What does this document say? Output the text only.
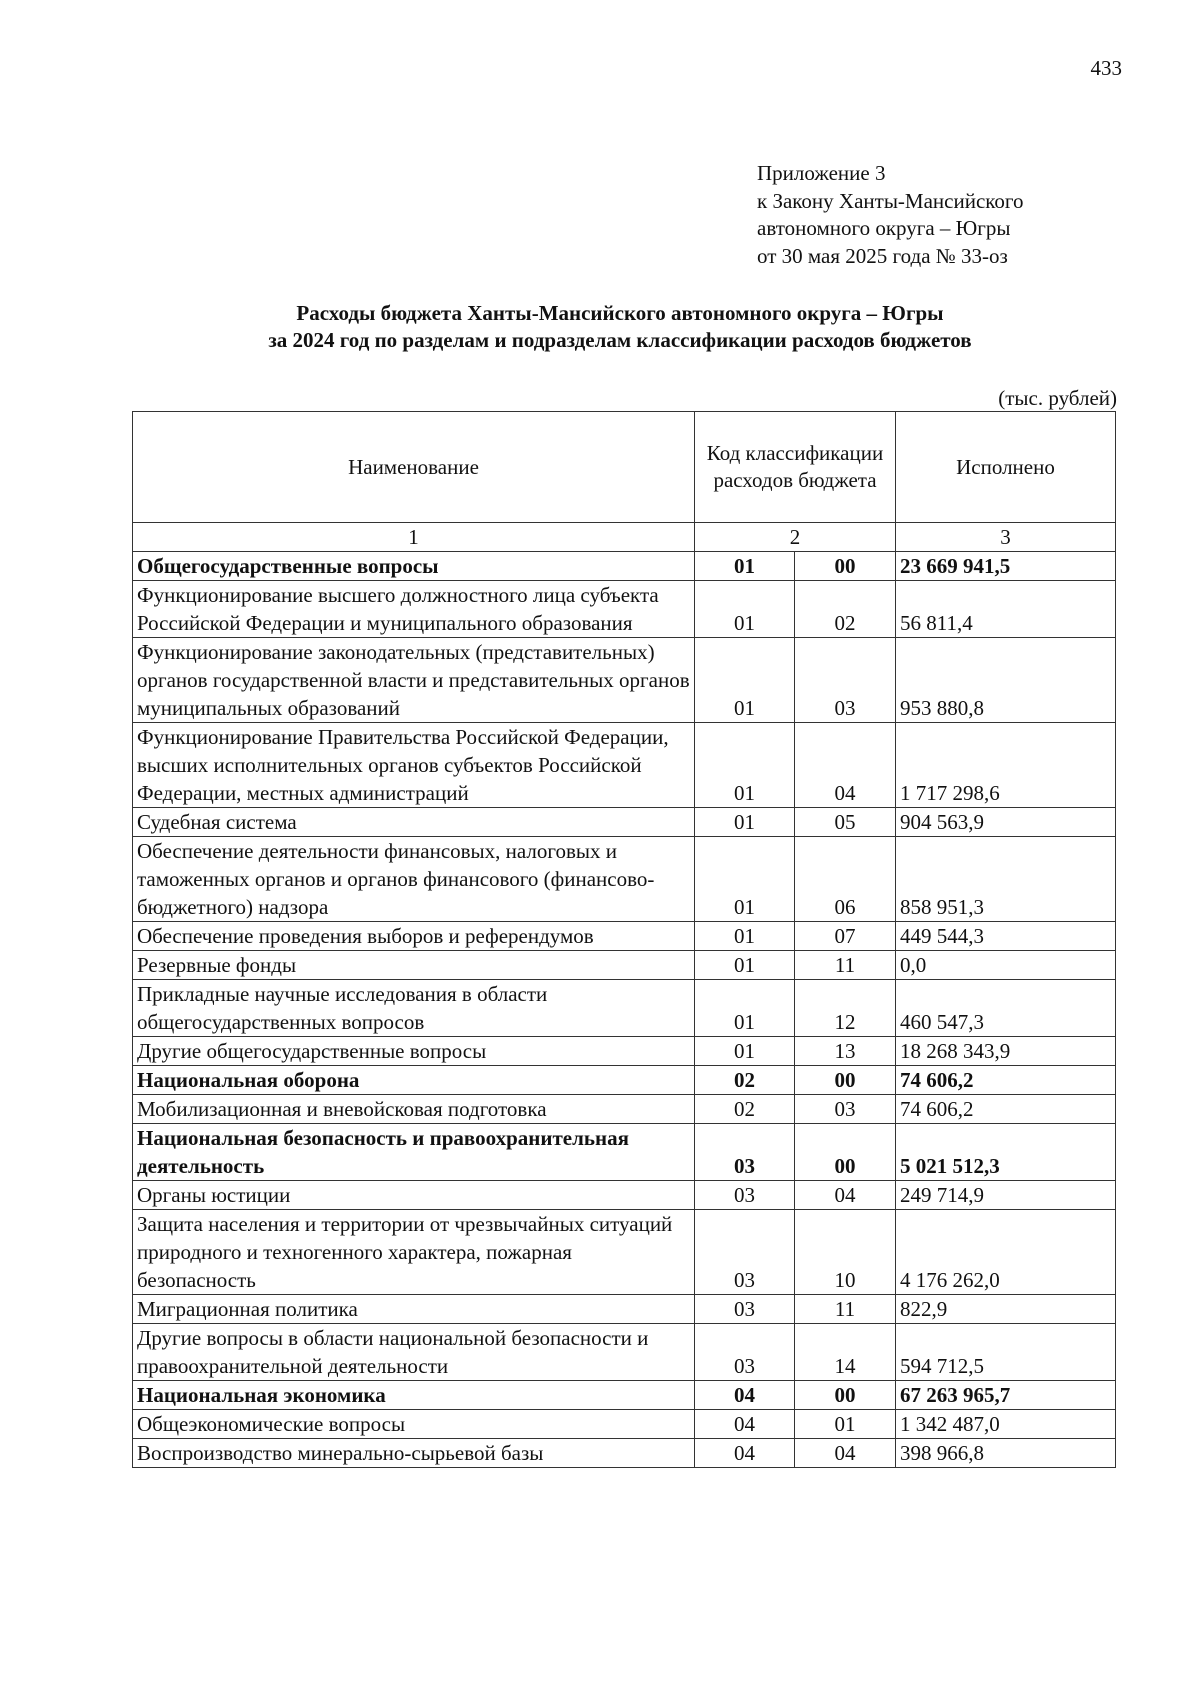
433
Приложение 3
к Закону Ханты-Мансийского
автономного округа – Югры
от 30 мая 2025 года № 33-оз
Расходы бюджета Ханты-Мансийского автономного округа – Югры
за 2024 год по разделам и подразделам классификации расходов бюджетов
(тыс. рублей)
Наименование	Код классификации расходов бюджета		Исполнено
1	2		3
Общегосударственные вопросы	01	00	23 669 941,5
Функционирование высшего должностного лица субъекта Российской Федерации и муниципального образования	01	02	56 811,4
Функционирование законодательных (представительных) органов государственной власти и представительных органов муниципальных образований	01	03	953 880,8
Функционирование Правительства Российской Федерации, высших исполнительных органов субъектов Российской Федерации, местных администраций	01	04	1 717 298,6
Судебная система	01	05	904 563,9
Обеспечение деятельности финансовых, налоговых и таможенных органов и органов финансового (финансово-бюджетного) надзора	01	06	858 951,3
Обеспечение проведения выборов и референдумов	01	07	449 544,3
Резервные фонды	01	11	0,0
Прикладные научные исследования в области общегосударственных вопросов	01	12	460 547,3
Другие общегосударственные вопросы	01	13	18 268 343,9
Национальная оборона	02	00	74 606,2
Мобилизационная и вневойсковая подготовка	02	03	74 606,2
Национальная безопасность и правоохранительная деятельность	03	00	5 021 512,3
Органы юстиции	03	04	249 714,9
Защита населения и территории от чрезвычайных ситуаций природного и техногенного характера, пожарная безопасность	03	10	4 176 262,0
Миграционная политика	03	11	822,9
Другие вопросы в области национальной безопасности и правоохранительной деятельности	03	14	594 712,5
Национальная экономика	04	00	67 263 965,7
Общеэкономические вопросы	04	01	1 342 487,0
Воспроизводство минерально-сырьевой базы	04	04	398 966,8
